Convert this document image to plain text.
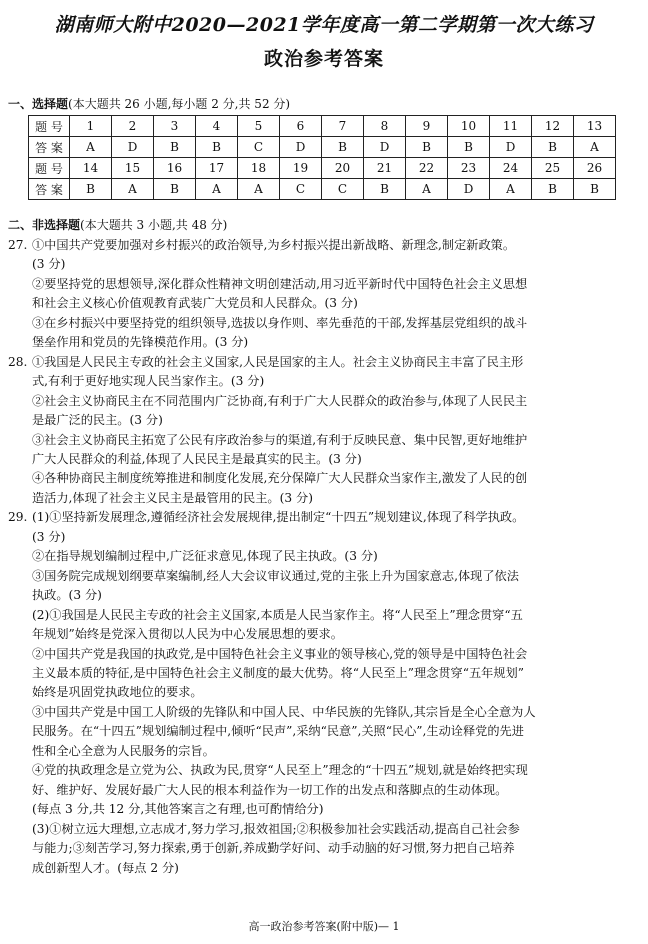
湖南师大附中2020—2021学年度高一第二学期第一次大练习
政治参考答案
一、选择题(本大题共 26 小题,每小题 2 分,共 52 分)
题 号	1	2	3	4	5	6	7	8	9	10	11	12	13
答 案	A	D	B	B	C	D	B	D	B	B	D	B	A
题 号	14	15	16	17	18	19	20	21	22	23	24	25	26
答 案	B	A	B	A	A	C	C	B	A	D	A	B	B
二、非选择题(本大题共 3 小题,共 48 分)
27. ①中国共产党要加强对乡村振兴的政治领导,为乡村振兴提出新战略、新理念,制定新政策。
(3 分)
②要坚持党的思想领导,深化群众性精神文明创建活动,用习近平新时代中国特色社会主义思想
和社会主义核心价值观教育武装广大党员和人民群众。(3 分)
③在乡村振兴中要坚持党的组织领导,选拔以身作则、率先垂范的干部,发挥基层党组织的战斗
堡垒作用和党员的先锋模范作用。(3 分)
28. ①我国是人民民主专政的社会主义国家,人民是国家的主人。社会主义协商民主丰富了民主形
式,有利于更好地实现人民当家作主。(3 分)
②社会主义协商民主在不同范围内广泛协商,有利于广大人民群众的政治参与,体现了人民民主
是最广泛的民主。(3 分)
③社会主义协商民主拓宽了公民有序政治参与的渠道,有利于反映民意、集中民智,更好地维护
广大人民群众的利益,体现了人民民主是最真实的民主。(3 分)
④各种协商民主制度统筹推进和制度化发展,充分保障广大人民群众当家作主,激发了人民的创
造活力,体现了社会主义民主是最管用的民主。(3 分)
29. (1)①坚持新发展理念,遵循经济社会发展规律,提出制定“十四五”规划建议,体现了科学执政。
(3 分)
②在指导规划编制过程中,广泛征求意见,体现了民主执政。(3 分)
③国务院完成规划纲要草案编制,经人大会议审议通过,党的主张上升为国家意志,体现了依法
执政。(3 分)
(2)①我国是人民民主专政的社会主义国家,本质是人民当家作主。将“人民至上”理念贯穿“五
年规划”始终是党深入贯彻以人民为中心发展思想的要求。
②中国共产党是我国的执政党,是中国特色社会主义事业的领导核心,党的领导是中国特色社会
主义最本质的特征,是中国特色社会主义制度的最大优势。将“人民至上”理念贯穿“五年规划”
始终是巩固党执政地位的要求。
③中国共产党是中国工人阶级的先锋队和中国人民、中华民族的先锋队,其宗旨是全心全意为人
民服务。在“十四五”规划编制过程中,倾听“民声”,采纳“民意”,关照“民心”,生动诠释党的先进
性和全心全意为人民服务的宗旨。
④党的执政理念是立党为公、执政为民,贯穿“人民至上”理念的“十四五”规划,就是始终把实现
好、维护好、发展好最广大人民的根本利益作为一切工作的出发点和落脚点的生动体现。
(每点 3 分,共 12 分,其他答案言之有理,也可酌情给分)
(3)①树立远大理想,立志成才,努力学习,报效祖国;②积极参加社会实践活动,提高自己社会参
与能力;③刻苦学习,努力探索,勇于创新,养成勤学好问、动手动脑的好习惯,努力把自己培养
成创新型人才。(每点 2 分)
高一政治参考答案(附中版)— 1
